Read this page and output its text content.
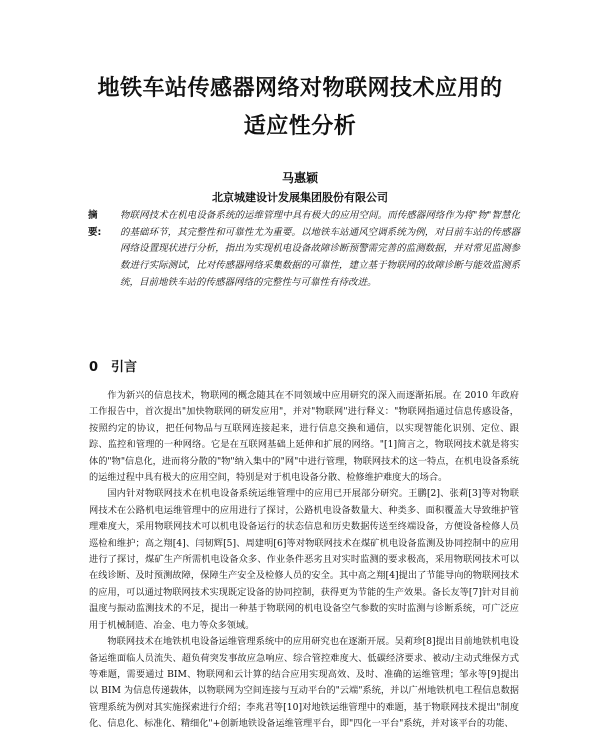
地铁车站传感器网络对物联网技术应用的
适应性分析
马惠颖
北京城建设计发展集团股份有限公司
摘　要:
物联网技术在机电设备系统的运维管理中具有极大的应用空间。而传感器网络作为将"物"智慧化的基础环节，其完整性和可靠性尤为重要。以地铁车站通风空调系统为例，对目前车站的传感器网络设置现状进行分析，指出为实现机电设备故障诊断预警需完善的监测数据，并对常见监测参数进行实际测试，比对传感器网络采集数据的可靠性，建立基于物联网的故障诊断与能效监测系统，目前地铁车站的传感器网络的完整性与可靠性有待改进。
0　引言

作为新兴的信息技术，物联网的概念随其在不同领域中应用研究的深入而逐渐拓展。在 2010 年政府工作报告中，首次提出"加快物联网的研发应用"，并对"物联网"进行释义："物联网指通过信息传感设备，按照约定的协议，把任何物品与互联网连接起来，进行信息交换和通信，以实现智能化识别、定位、跟踪、监控和管理的一种网络。它是在互联网基础上延伸和扩展的网络。"[1]简言之，物联网技术就是将实体的"物"信息化，进而将分散的"物"纳入集中的"网"中进行管理，物联网技术的这一特点，在机电设备系统的运维过程中具有极大的应用空间，特别是对于机电设备分散、检修维护难度大的场合。

国内针对物联网技术在机电设备系统运维管理中的应用已开展部分研究。王鹏[2]、张莉[3]等对物联网技术在公路机电运维管理中的应用进行了探讨，公路机电设备数量大、种类多、面积覆盖大导致维护管理难度大，采用物联网技术可以机电设备运行的状态信息和历史数据传送至终端设备，方便设备检修人员巡检和维护；高之翔[4]、闫韧辉[5]、周建明[6]等对物联网技术在煤矿机电设备监测及协同控制中的应用进行了探讨，煤矿生产所需机电设备众多、作业条件恶劣且对实时监测的要求极高，采用物联网技术可以在线诊断、及时预测故障，保障生产安全及检修人员的安全。其中高之翔[4]提出了节能导向的物联网技术的应用，可以通过物联网技术实现既定设备的协同控制，获得更为节能的生产效果。备长友等[7]针对目前温度与振动监测技术的不足，提出一种基于物联网的机电设备空气参数的实时监测与诊断系统，可广泛应用于机械制造、冶金、电力等众多领域。

物联网技术在地铁机电设备运维管理系统中的应用研究也在逐渐开展。吴莉珍[8]提出目前地铁机电设备运维面临人员流失、超负荷突发事故应急响应、综合管控难度大、低碳经济要求、被动/主动式维保方式等难题，需要通过 BIM、物联网和云计算的结合应用实现高效、及时、准确的运维管理；邹永等[9]提出以 BIM 为信息传递载体，以物联网为空间连接与互动平台的"云端"系统，并以广州地铁机电工程信息数据管理系统为例对其实施探索进行介绍；李兆君等[10]对地铁运维管理中的难题，基于物联网技术提出"制度化、信息化、标准化、精细化"+创新地铁设备运维管理平台，即"四化一平台"系统，并对该平台的功能、
